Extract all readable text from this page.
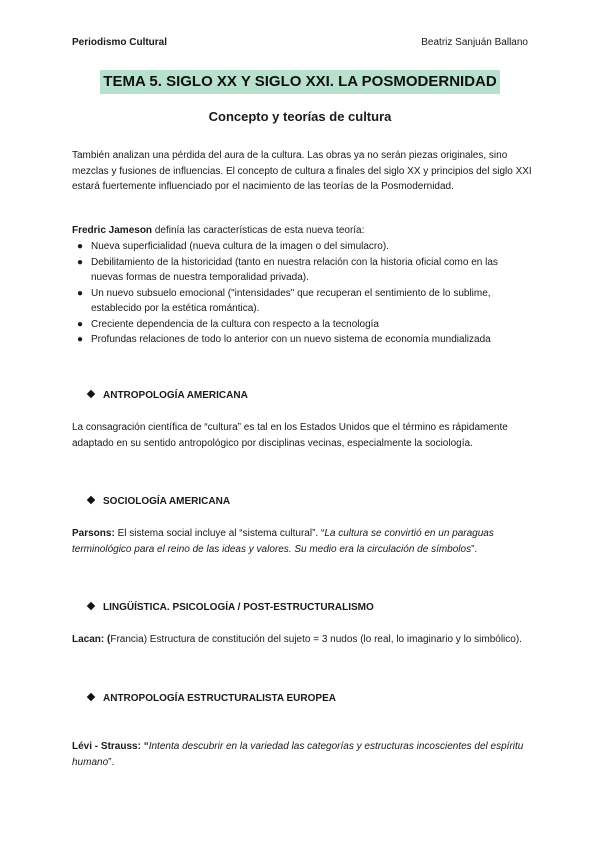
Periodismo Cultural	Beatriz Sanjuán Ballano
TEMA 5. SIGLO XX Y SIGLO XXI. LA POSMODERNIDAD
Concepto y teorías de cultura
También analizan una pérdida del aura de la cultura. Las obras ya no serán piezas originales, sino mezclas y fusiones de influencias. El concepto de cultura a finales del siglo XX y principios del siglo XXI estará fuertemente influenciado por el nacimiento de las teorías de la Posmodernidad.
Fredric Jameson definía las características de esta nueva teoría:
● Nueva superficialidad (nueva cultura de la imagen o del simulacro).
● Debilitamiento de la historicidad (tanto en nuestra relación con la historia oficial como en las nuevas formas de nuestra temporalidad privada).
● Un nuevo subsuelo emocional ("intensidades" que recuperan el sentimiento de lo sublime, establecido por la estética romántica).
● Creciente dependencia de la cultura con respecto a la tecnología
● Profundas relaciones de todo lo anterior con un nuevo sistema de economía mundializada
ANTROPOLOGÍA AMERICANA
La consagración científica de “cultura” es tal en los Estados Unidos que el término es rápidamente adaptado en su sentido antropológico por disciplinas vecinas, especialmente la sociología.
SOCIOLOGÍA AMERICANA
Parsons: El sistema social incluye al “sistema cultural”. “La cultura se convirtió en un paraguas terminológico para el reino de las ideas y valores. Su medio era la circulación de símbolos”.
LINGÜÍSTICA. PSICOLOGÍA / POST-ESTRUCTURALISMO
Lacan: (Francia) Estructura de constitución del sujeto = 3 nudos (lo real, lo imaginario y lo simbólico).
ANTROPOLOGÍA ESTRUCTURALISTA EUROPEA
Lévi - Strauss: “Intenta descubrir en la variedad las categorías y estructuras incoscientes del espíritu humano”.
